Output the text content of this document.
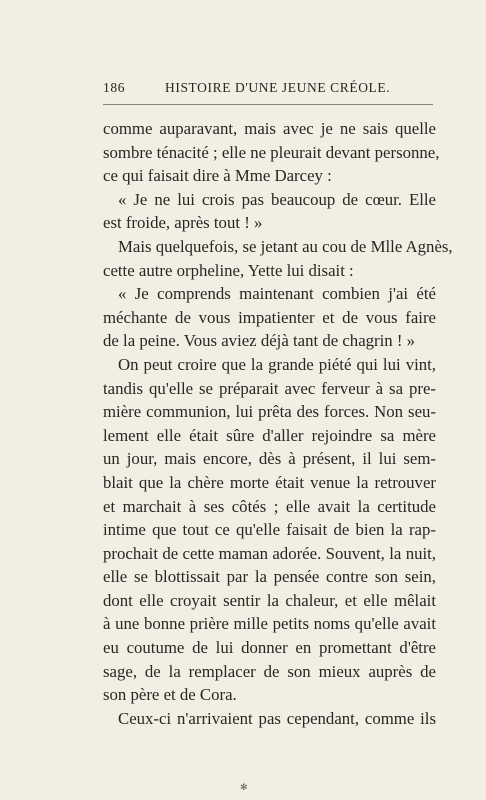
186	HISTOIRE D'UNE JEUNE CRÉOLE.
comme auparavant, mais avec je ne sais quelle
sombre ténacité ; elle ne pleurait devant personne,
ce qui faisait dire à Mme Darcey :
« Je ne lui crois pas beaucoup de cœur. Elle
est froide, après tout ! »
Mais quelquefois, se jetant au cou de Mlle Agnès,
cette autre orpheline, Yette lui disait :
« Je comprends maintenant combien j'ai été
méchante de vous impatienter et de vous faire
de la peine. Vous aviez déjà tant de chagrin ! »
On peut croire que la grande piété qui lui vint,
tandis qu'elle se préparait avec ferveur à sa pre-
mière communion, lui prêta des forces. Non seu-
lement elle était sûre d'aller rejoindre sa mère
un jour, mais encore, dès à présent, il lui sem-
blait que la chère morte était venue la retrouver
et marchait à ses côtés ; elle avait la certitude
intime que tout ce qu'elle faisait de bien la rap-
prochait de cette maman adorée. Souvent, la nuit,
elle se blottissait par la pensée contre son sein,
dont elle croyait sentir la chaleur, et elle mêlait
à une bonne prière mille petits noms qu'elle avait
eu coutume de lui donner en promettant d'être
sage, de la remplacer de son mieux auprès de
son père et de Cora.
Ceux-ci n'arrivaient pas cependant, comme ils
✻
